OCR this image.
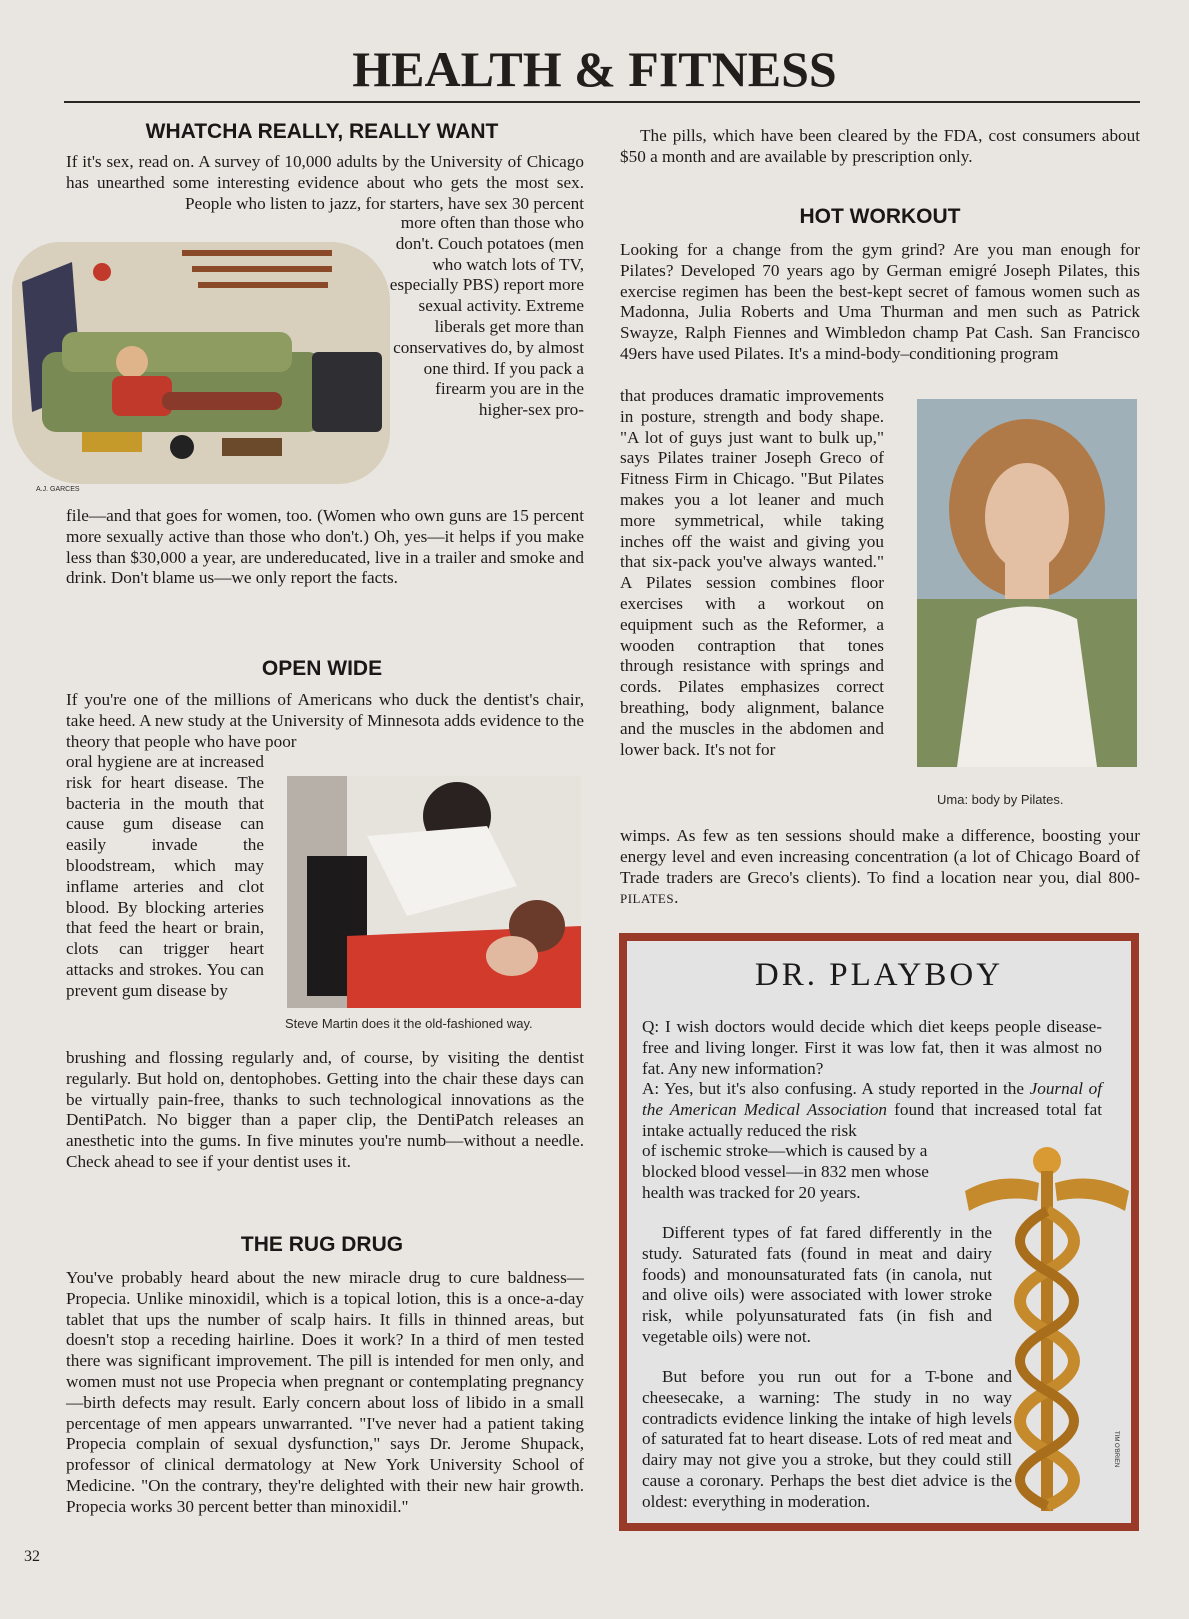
HEALTH & FITNESS
WHATCHA REALLY, REALLY WANT

If it's sex, read on. A survey of 10,000 adults by the University of Chicago has unearthed some interesting evidence about who gets the most sex. People who listen to jazz, for starters, have sex 30 percent

A.J. GARCES

more often than those who don't. Couch potatoes (men who watch lots of TV, especially PBS) report more sexual activity. Extreme liberals get more than conservatives do, by almost one third. If you pack a firearm you are in the higher-sex pro-

file—and that goes for women, too. (Women who own guns are 15 percent more sexually active than those who don't.) Oh, yes—it helps if you make less than $30,000 a year, are undereducated, live in a trailer and smoke and drink. Don't blame us—we only report the facts.

OPEN WIDE

If you're one of the millions of Americans who duck the dentist's chair, take heed. A new study at the University of Minnesota adds evidence to the theory that people who have poor

oral hygiene are at increased risk for heart disease. The bacteria in the mouth that cause gum disease can easily invade the bloodstream, which may inflame arteries and clot blood. By blocking arteries that feed the heart or brain, clots can trigger heart attacks and strokes. You can prevent gum disease by

Steve Martin does it the old-fashioned way.

brushing and flossing regularly and, of course, by visiting the dentist regularly. But hold on, dentophobes. Getting into the chair these days can be virtually pain-free, thanks to such technological innovations as the DentiPatch. No bigger than a paper clip, the DentiPatch releases an anesthetic into the gums. In five minutes you're numb—without a needle. Check ahead to see if your dentist uses it.

THE RUG DRUG

You've probably heard about the new miracle drug to cure baldness—Propecia. Unlike minoxidil, which is a topical lotion, this is a once-a-day tablet that ups the number of scalp hairs. It fills in thinned areas, but doesn't stop a receding hairline. Does it work? In a third of men tested there was significant improvement. The pill is intended for men only, and women must not use Propecia when pregnant or contemplating pregnancy—birth defects may result. Early concern about loss of libido in a small percentage of men appears unwarranted. "I've never had a patient taking Propecia complain of sexual dysfunction," says Dr. Jerome Shupack, professor of clinical dermatology at New York University School of Medicine. "On the contrary, they're delighted with their new hair growth. Propecia works 30 percent better than minoxidil."

32

The pills, which have been cleared by the FDA, cost consumers about $50 a month and are available by prescription only.

HOT WORKOUT

Looking for a change from the gym grind? Are you man enough for Pilates? Developed 70 years ago by German emigré Joseph Pilates, this exercise regimen has been the best-kept secret of famous women such as Madonna, Julia Roberts and Uma Thurman and men such as Patrick Swayze, Ralph Fiennes and Wimbledon champ Pat Cash. San Francisco 49ers have used Pilates. It's a mind-body–conditioning program

that produces dramatic improvements in posture, strength and body shape. "A lot of guys just want to bulk up," says Pilates trainer Joseph Greco of Fitness Firm in Chicago. "But Pilates makes you a lot leaner and much more symmetrical, while taking inches off the waist and giving you that six-pack you've always wanted." A Pilates session combines floor exercises with a workout on equipment such as the Reformer, a wooden contraption that tones through resistance with springs and cords. Pilates emphasizes correct breathing, body alignment, balance and the muscles in the abdomen and lower back. It's not for

Uma: body by Pilates.

wimps. As few as ten sessions should make a difference, boosting your energy level and even increasing concentration (a lot of Chicago Board of Trade traders are Greco's clients). To find a location near you, dial 800-PILATES.

DR. PLAYBOY
TIM O'BRIEN

Q: I wish doctors would decide which diet keeps people disease-free and living longer. First it was low fat, then it was almost no fat. Any new information?

A: Yes, but it's also confusing. A study reported in the Journal of the American Medical Association found that increased total fat intake actually reduced the risk

of ischemic stroke—which is caused by a blocked blood vessel—in 832 men whose health was tracked for 20 years.

Different types of fat fared differently in the study. Saturated fats (found in meat and dairy foods) and monounsaturated fats (in canola, nut and olive oils) were associated with lower stroke risk, while polyunsaturated fats (in fish and vegetable oils) were not.

But before you run out for a T-bone and cheesecake, a warning: The study in no way contradicts evidence linking the intake of high levels of saturated fat to heart disease. Lots of red meat and dairy may not give you a stroke, but they could still cause a coronary. Perhaps the best diet advice is the oldest: everything in moderation.
